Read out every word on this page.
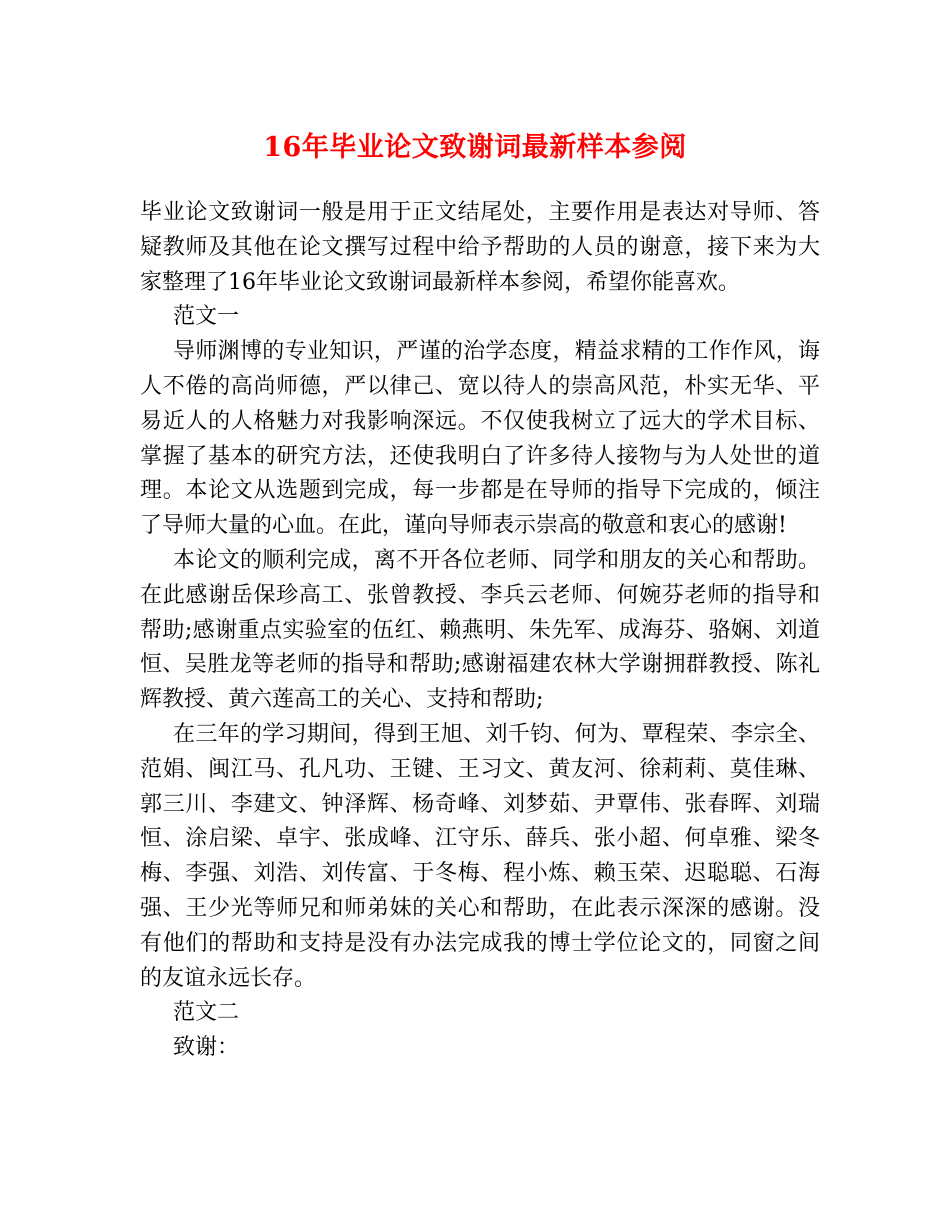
16年毕业论文致谢词最新样本参阅

毕业论文致谢词一般是用于正文结尾处，主要作用是表达对导师、答疑教师及其他在论文撰写过程中给予帮助的人员的谢意，接下来为大家整理了16年毕业论文致谢词最新样本参阅，希望你能喜欢。

范文一

导师渊博的专业知识，严谨的治学态度，精益求精的工作作风，诲人不倦的高尚师德，严以律己、宽以待人的崇高风范，朴实无华、平易近人的人格魅力对我影响深远。不仅使我树立了远大的学术目标、掌握了基本的研究方法，还使我明白了许多待人接物与为人处世的道理。本论文从选题到完成，每一步都是在导师的指导下完成的，倾注了导师大量的心血。在此，谨向导师表示崇高的敬意和衷心的感谢!

本论文的顺利完成，离不开各位老师、同学和朋友的关心和帮助。在此感谢岳保珍高工、张曾教授、李兵云老师、何婉芬老师的指导和帮助;感谢重点实验室的伍红、赖燕明、朱先军、成海芬、骆娴、刘道恒、吴胜龙等老师的指导和帮助;感谢福建农林大学谢拥群教授、陈礼辉教授、黄六莲高工的关心、支持和帮助;

在三年的学习期间，得到王旭、刘千钧、何为、覃程荣、李宗全、范娟、闽江马、孔凡功、王键、王习文、黄友河、徐莉莉、莫佳琳、郭三川、李建文、钟泽辉、杨奇峰、刘梦茹、尹覃伟、张春晖、刘瑞恒、涂启梁、卓宇、张成峰、江守乐、薛兵、张小超、何卓雅、梁冬梅、李强、刘浩、刘传富、于冬梅、程小炼、赖玉荣、迟聪聪、石海强、王少光等师兄和师弟妹的关心和帮助，在此表示深深的感谢。没有他们的帮助和支持是没有办法完成我的博士学位论文的，同窗之间的友谊永远长存。

范文二

致谢：
